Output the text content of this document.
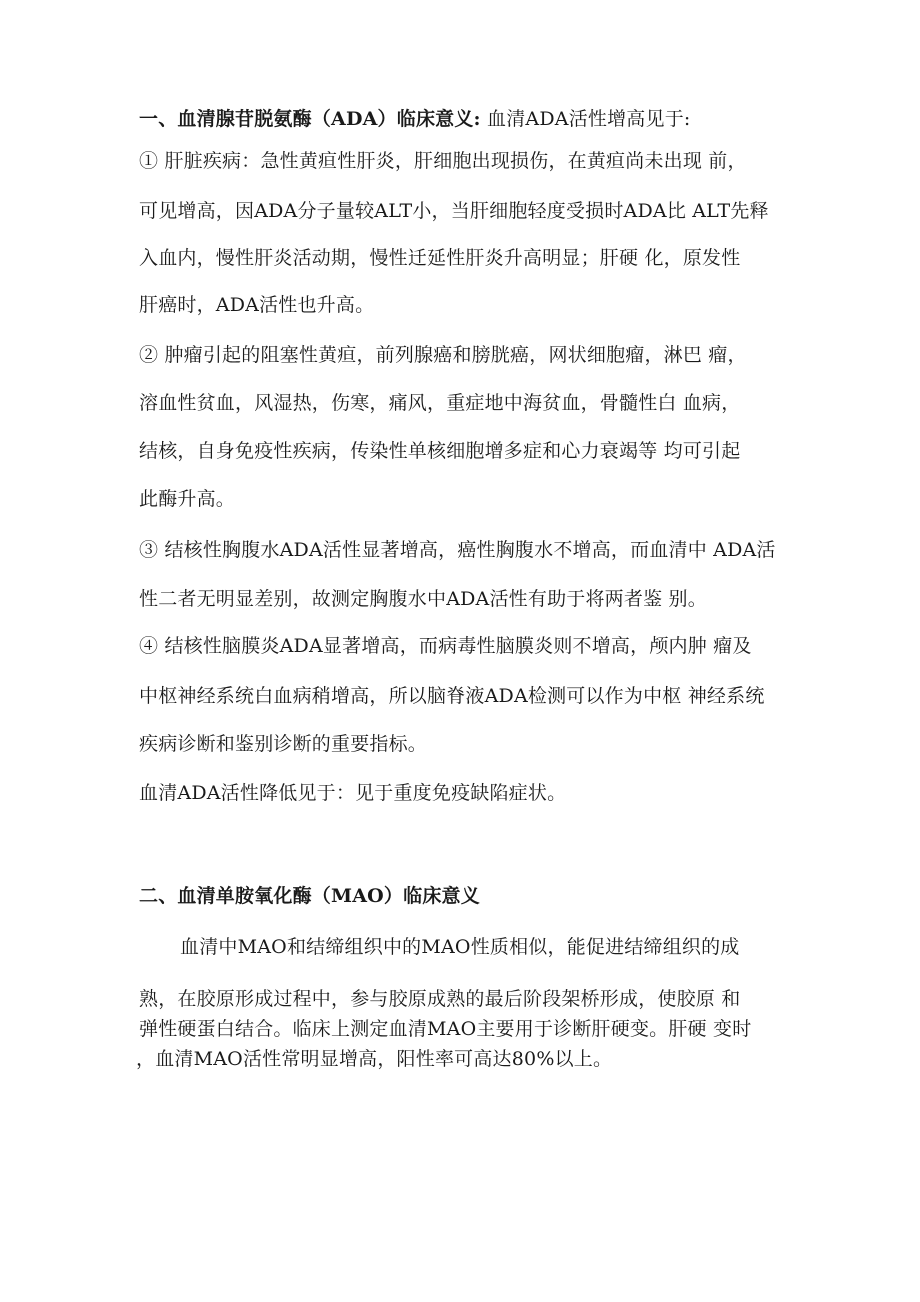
一、血清腺苷脱氨酶（ADA）临床意义: 血清ADA活性增高见于:
① 肝脏疾病：急性黄疸性肝炎，肝细胞出现损伤，在黄疸尚未出现 前，
可见增高，因ADA分子量较ALT小，当肝细胞轻度受损时ADA比 ALT先释
入血内，慢性肝炎活动期，慢性迁延性肝炎升高明显；肝硬 化，原发性
肝癌时，ADA活性也升高。
② 肿瘤引起的阻塞性黄疸，前列腺癌和膀胱癌，网状细胞瘤，淋巴 瘤，
溶血性贫血，风湿热，伤寒，痛风，重症地中海贫血，骨髓性白 血病，
结核，自身免疫性疾病，传染性单核细胞增多症和心力衰竭等 均可引起
此酶升高。
③ 结核性胸腹水ADA活性显著增高，癌性胸腹水不增高，而血清中 ADA活
性二者无明显差别，故测定胸腹水中ADA活性有助于将两者鉴 别。
④ 结核性脑膜炎ADA显著增高，而病毒性脑膜炎则不增高，颅内肿 瘤及
中枢神经系统白血病稍增高，所以脑脊液ADA检测可以作为中枢 神经系统
疾病诊断和鉴别诊断的重要指标。
血清ADA活性降低见于：见于重度免疫缺陷症状。
二、血清单胺氧化酶（MAO）临床意义
血清中MAO和结缔组织中的MAO性质相似，能促进结缔组织的成
熟，在胶原形成过程中，参与胶原成熟的最后阶段架桥形成，使胶原 和
弹性硬蛋白结合。临床上测定血清MAO主要用于诊断肝硬变。肝硬 变时
，血清MAO活性常明显增高，阳性率可高达80%以上。
